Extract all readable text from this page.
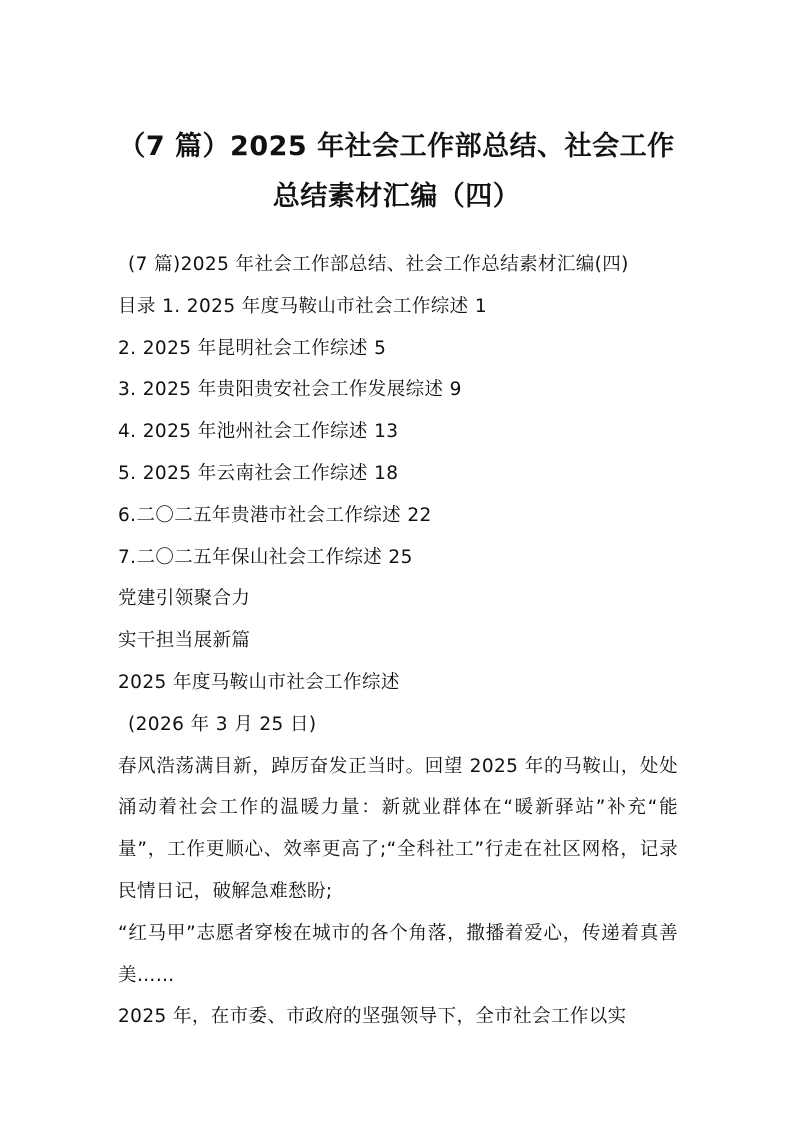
（7 篇）2025 年社会工作部总结、社会工作
总结素材汇编（四）

(7 篇)2025 年社会工作部总结、社会工作总结素材汇编(四)

目录 1. 2025 年度马鞍山市社会工作综述 1

2. 2025 年昆明社会工作综述 5

3. 2025 年贵阳贵安社会工作发展综述 9

4. 2025 年池州社会工作综述 13

5. 2025 年云南社会工作综述 18

6.二〇二五年贵港市社会工作综述 22

7.二〇二五年保山社会工作综述 25

党建引领聚合力

实干担当展新篇

2025 年度马鞍山市社会工作综述

(2026 年 3 月 25 日)

春风浩荡满目新，踔厉奋发正当时。回望 2025 年的马鞍山，处处涌动着社会工作的温暖力量：新就业群体在“暖新驿站”补充“能量”，工作更顺心、效率更高了;“全科社工”行走在社区网格，记录民情日记，破解急难愁盼;

“红马甲”志愿者穿梭在城市的各个角落，撒播着爱心，传递着真善美……

2025 年，在市委、市政府的坚强领导下，全市社会工作以实
